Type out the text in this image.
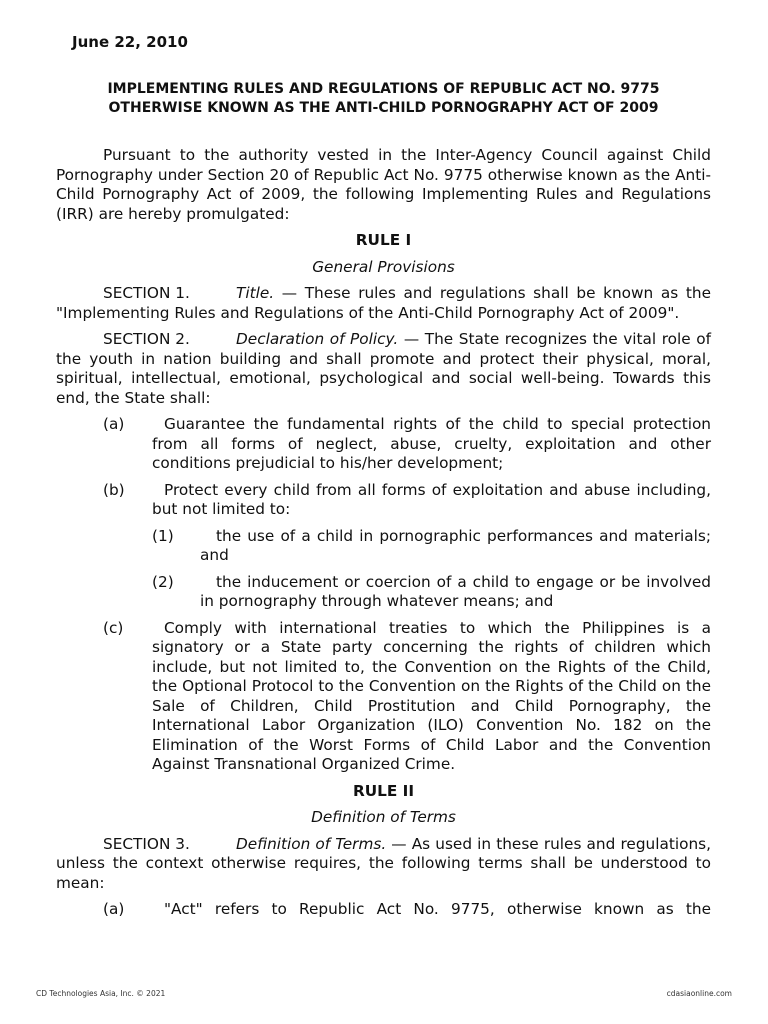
June 22, 2010
IMPLEMENTING RULES AND REGULATIONS OF REPUBLIC ACT NO. 9775
OTHERWISE KNOWN AS THE ANTI-CHILD PORNOGRAPHY ACT OF 2009

Pursuant to the authority vested in the Inter-Agency Council against Child Pornography under Section 20 of Republic Act No. 9775 otherwise known as the Anti-Child Pornography Act of 2009, the following Implementing Rules and Regulations (IRR) are hereby promulgated:

RULE I

General Provisions

SECTION 1.	Title. — These rules and regulations shall be known as the "Implementing Rules and Regulations of the Anti-Child Pornography Act of 2009".

SECTION 2.	Declaration of Policy. — The State recognizes the vital role of the youth in nation building and shall promote and protect their physical, moral, spiritual, intellectual, emotional, psychological and social well-being. Towards this end, the State shall:

(a)	Guarantee the fundamental rights of the child to special protection from all forms of neglect, abuse, cruelty, exploitation and other conditions prejudicial to his/her development;

(b)	Protect every child from all forms of exploitation and abuse including, but not limited to:

(1)	the use of a child in pornographic performances and materials; and

(2)	the inducement or coercion of a child to engage or be involved in pornography through whatever means; and

(c)	Comply with international treaties to which the Philippines is a signatory or a State party concerning the rights of children which include, but not limited to, the Convention on the Rights of the Child, the Optional Protocol to the Convention on the Rights of the Child on the Sale of Children, Child Prostitution and Child Pornography, the International Labor Organization (ILO) Convention No. 182 on the Elimination of the Worst Forms of Child Labor and the Convention Against Transnational Organized Crime.

RULE II

Definition of Terms

SECTION 3.	Definition of Terms. — As used in these rules and regulations, unless the context otherwise requires, the following terms shall be understood to mean:

(a)	"Act" refers to Republic Act No. 9775, otherwise known as the

CD Technologies Asia, Inc. © 2021	cdasiaonline.com
